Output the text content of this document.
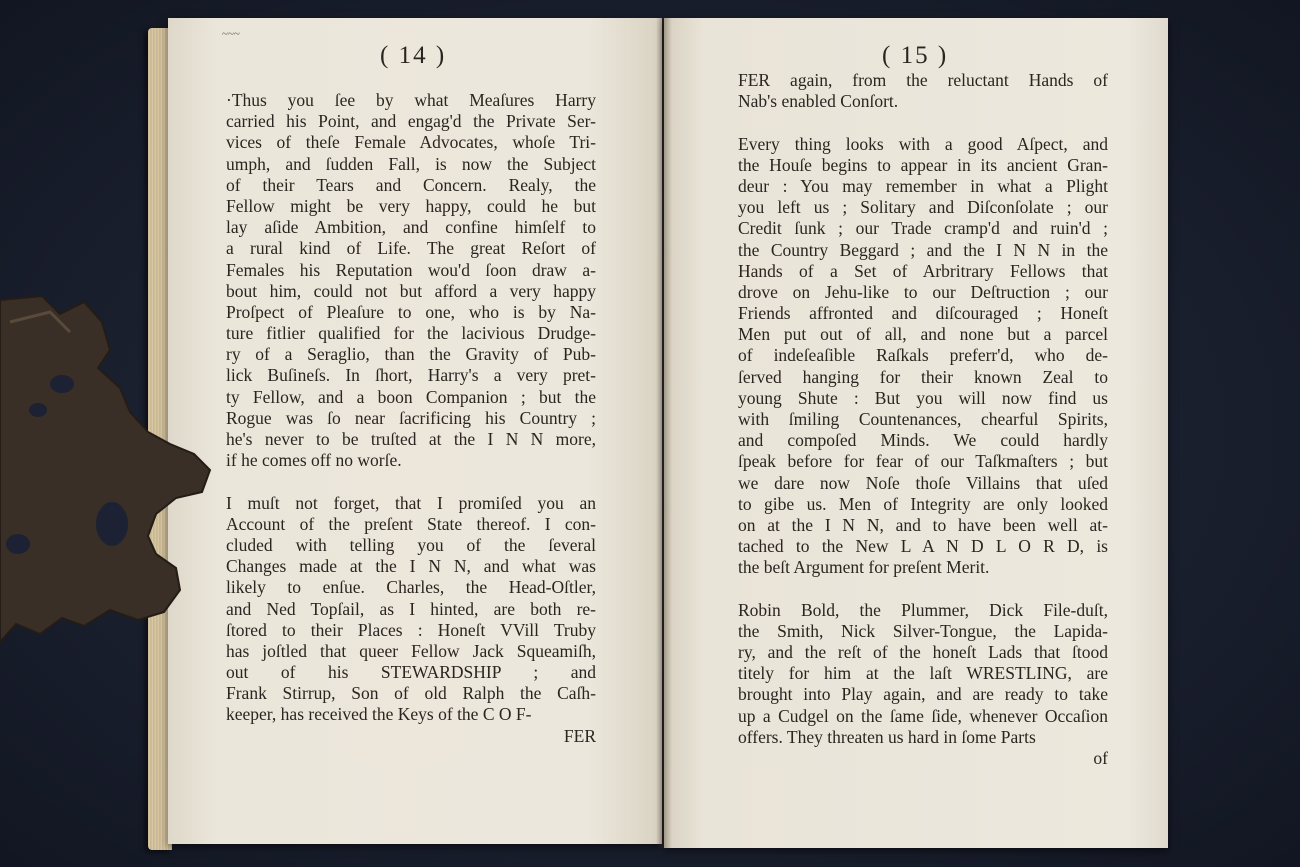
~~~
( 14 )
·Thus you ſee by what Meaſures Harry
carried his Point, and engag'd the Private Ser-
vices of theſe Female Advocates, whoſe Tri-
umph, and ſudden Fall, is now the Subject
of their Tears and Concern. Realy, the
Fellow might be very happy, could he but
lay aſide Ambition, and confine himſelf to
a rural kind of Life. The great Reſort of
Females his Reputation wou'd ſoon draw a-
bout him, could not but afford a very happy
Proſpect of Pleaſure to one, who is by Na-
ture fitlier qualified for the lacivious Drudge-
ry of a Seraglio, than the Gravity of Pub-
lick Buſineſs. In ſhort, Harry's a very pret-
ty Fellow, and a boon Companion ; but the
Rogue was ſo near ſacrificing his Country ;
he's never to be truſted at the I N N more,
if he comes off no worſe.
I muſt not forget, that I promiſed you an
Account of the preſent State thereof. I con-
cluded with telling you of the ſeveral
Changes made at the I N N, and what was
likely to enſue. Charles, the Head-Oſtler,
and Ned Topſail, as I hinted, are both re-
ſtored to their Places : Honeſt VVill Truby
has joſtled that queer Fellow Jack Squeamiſh,
out of his STEWARDSHIP ; and
Frank Stirrup, Son of old Ralph the Caſh-
keeper, has received the Keys of the C O F-
FER
( 15 )
FER again, from the reluctant Hands of
Nab's enabled Conſort.
Every thing looks with a good Aſpect, and
the Houſe begins to appear in its ancient Gran-
deur : You may remember in what a Plight
you left us ; Solitary and Diſconſolate ; our
Credit ſunk ; our Trade cramp'd and ruin'd ;
the Country Beggard ; and the I N N in the
Hands of a Set of Arbritrary Fellows that
drove on Jehu-like to our Deſtruction ; our
Friends affronted and diſcouraged ; Honeſt
Men put out of all, and none but a parcel
of indeſeaſible Raſkals preferr'd, who de-
ſerved hanging for their known Zeal to
young Shute : But you will now find us
with ſmiling Countenances, chearful Spirits,
and compoſed Minds. We could hardly
ſpeak before for fear of our Taſkmaſters ; but
we dare now Noſe thoſe Villains that uſed
to gibe us. Men of Integrity are only looked
on at the I N N, and to have been well at-
tached to the New L A N D L O R D, is
the beſt Argument for preſent Merit.
Robin Bold, the Plummer, Dick File-duſt,
the Smith, Nick Silver-Tongue, the Lapida-
ry, and the reſt of the honeſt Lads that ſtood
titely for him at the laſt WRESTLING, are
brought into Play again, and are ready to take
up a Cudgel on the ſame ſide, whenever Occaſion
offers. They threaten us hard in ſome Parts
of
